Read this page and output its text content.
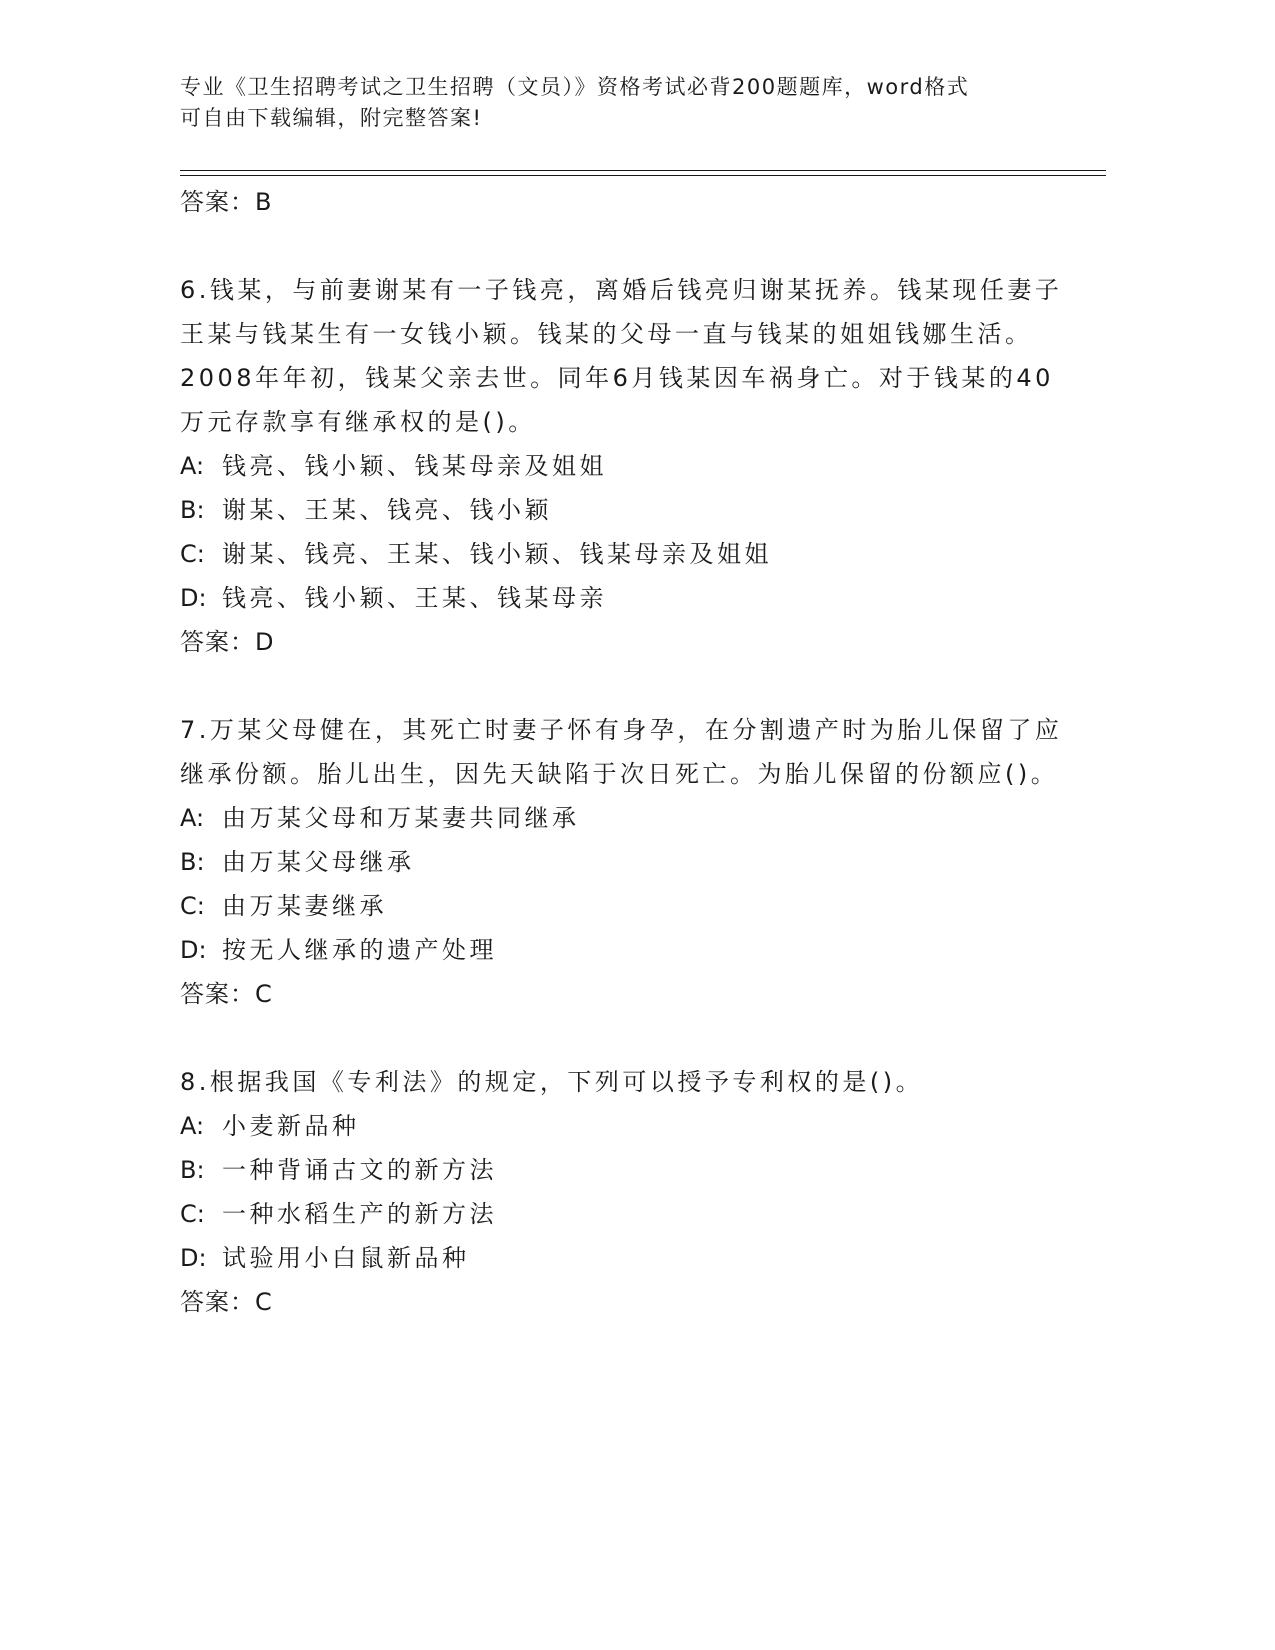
专业《卫生招聘考试之卫生招聘（文员）》资格考试必背200题题库，word格式
可自由下载编辑，附完整答案!
答案：B

6.钱某，与前妻谢某有一子钱亮，离婚后钱亮归谢某抚养。钱某现任妻子王某与钱某生有一女钱小颖。钱某的父母一直与钱某的姐姐钱娜生活。2008年年初，钱某父亲去世。同年6月钱某因车祸身亡。对于钱某的40万元存款享有继承权的是()。

A: 钱亮、钱小颖、钱某母亲及姐姐
B: 谢某、王某、钱亮、钱小颖
C: 谢某、钱亮、王某、钱小颖、钱某母亲及姐姐
D: 钱亮、钱小颖、王某、钱某母亲
答案：D

7.万某父母健在，其死亡时妻子怀有身孕，在分割遗产时为胎儿保留了应继承份额。胎儿出生，因先天缺陷于次日死亡。为胎儿保留的份额应()。

A: 由万某父母和万某妻共同继承
B: 由万某父母继承
C: 由万某妻继承
D: 按无人继承的遗产处理
答案：C

8.根据我国《专利法》的规定，下列可以授予专利权的是()。

A: 小麦新品种
B: 一种背诵古文的新方法
C: 一种水稻生产的新方法
D: 试验用小白鼠新品种
答案：C
